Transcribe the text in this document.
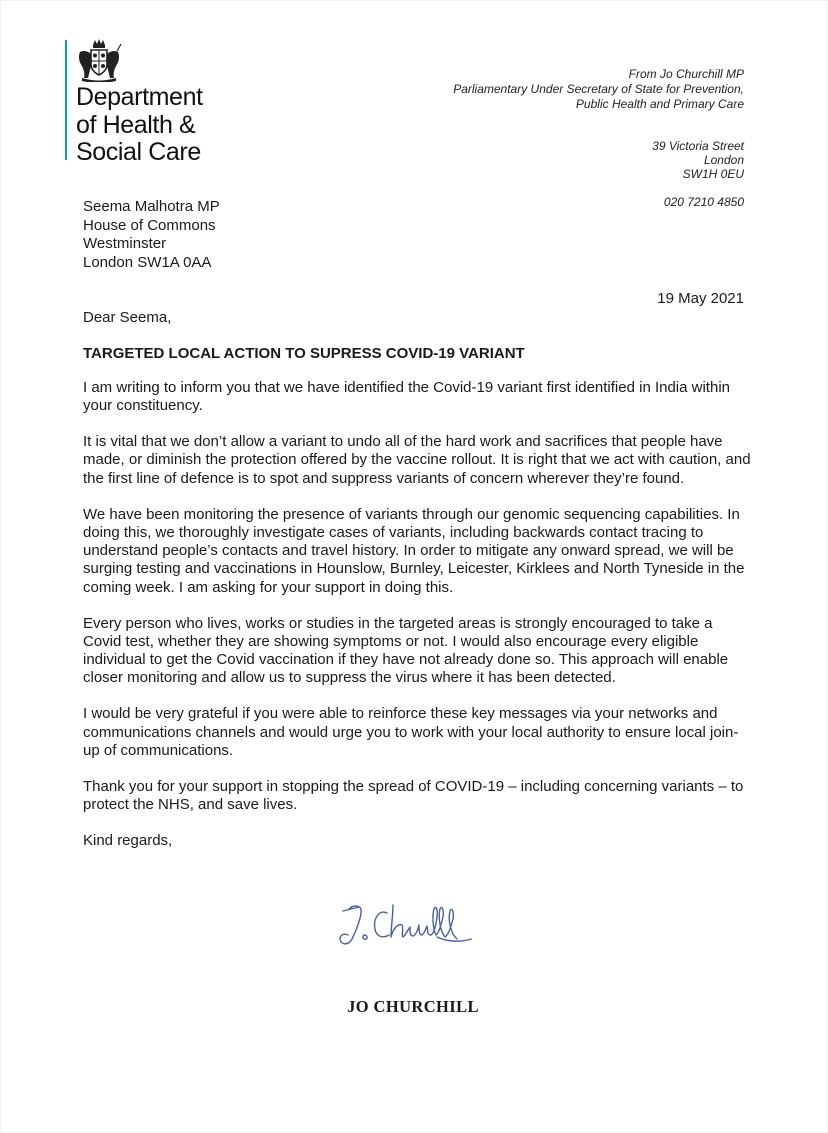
Department
of Health &
Social Care
From Jo Churchill MP
Parliamentary Under Secretary of State for Prevention,
Public Health and Primary Care
39 Victoria Street
London
SW1H 0EU
020 7210 4850
Seema Malhotra MP
House of Commons
Westminster
London SW1A 0AA
19 May 2021

Dear Seema,

TARGETED LOCAL ACTION TO SUPRESS COVID-19 VARIANT

I am writing to inform you that we have identified the Covid-19 variant first identified in India within your constituency.

It is vital that we don’t allow a variant to undo all of the hard work and sacrifices that people have made, or diminish the protection offered by the vaccine rollout. It is right that we act with caution, and the first line of defence is to spot and suppress variants of concern wherever they’re found.

We have been monitoring the presence of variants through our genomic sequencing capabilities. In doing this, we thoroughly investigate cases of variants, including backwards contact tracing to understand people’s contacts and travel history. In order to mitigate any onward spread, we will be surging testing and vaccinations in Hounslow, Burnley, Leicester, Kirklees and North Tyneside in the coming week. I am asking for your support in doing this.

Every person who lives, works or studies in the targeted areas is strongly encouraged to take a Covid test, whether they are showing symptoms or not. I would also encourage every eligible individual to get the Covid vaccination if they have not already done so. This approach will enable closer monitoring and allow us to suppress the virus where it has been detected.

I would be very grateful if you were able to reinforce these key messages via your networks and communications channels and would urge you to work with your local authority to ensure local join-up of communications.

Thank you for your support in stopping the spread of COVID-19 – including concerning variants – to protect the NHS, and save lives.

Kind regards,

JO CHURCHILL
